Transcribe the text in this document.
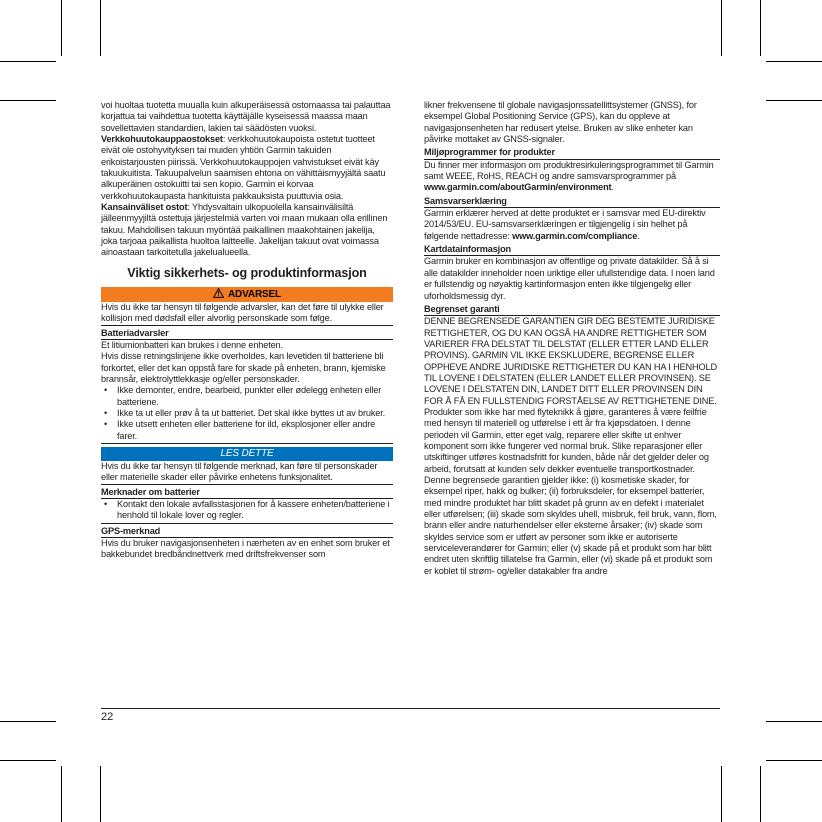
voi huoltaa tuotetta muualla kuin alkuperäisessä ostomaassa tai palauttaa korjattua tai vaihdettua tuotetta käyttäjälle kyseisessä maassa maan sovellettavien standardien, lakien tai säädösten vuoksi.

Verkkohuutokauppaostokset: verkkohuutokaupoista ostetut tuotteet eivät ole ostohyvityksen tai muiden yhtiön Garmin takuiden erikoistarjousten piirissä. Verkkohuutokauppojen vahvistukset eivät käy takuukuitista. Takuupalvelun saamisen ehtona on vähittäismyyjältä saatu alkuperäinen ostokuitti tai sen kopio. Garmin ei korvaa verkkohuutokaupasta hankituista pakkauksista puuttuvia osia.

Kansainväliset ostot: Yhdysvaltain ulkopuolella kansainvälisiltä jälleenmyyjiltä ostettuja järjestelmiä varten voi maan mukaan olla erillinen takuu. Mahdollisen takuun myöntää paikallinen maakohtainen jakelija, joka tarjoaa paikallista huoltoa laitteelle. Jakelijan takuut ovat voimassa ainoastaan tarkoitetulla jakelualueella.

Viktig sikkerhets- og produktinformasjon
ADVARSEL

Hvis du ikke tar hensyn til følgende advarsler, kan det føre til ulykke eller kollisjon med dødsfall eller alvorlig personskade som følge.

Batteriadvarsler

Et litiumionbatteri kan brukes i denne enheten.

Hvis disse retningslinjene ikke overholdes, kan levetiden til batteriene bli forkortet, eller det kan oppstå fare for skade på enheten, brann, kjemiske brannsår, elektrolyttlekkasje og/eller personskader.

• Ikke demonter, endre, bearbeid, punkter eller ødelegg enheten eller batteriene.
• Ikke ta ut eller prøv å ta ut batteriet. Det skal ikke byttes ut av bruker.
• Ikke utsett enheten eller batteriene for ild, eksplosjoner eller andre farer.
LES DETTE

Hvis du ikke tar hensyn til følgende merknad, kan føre til personskader eller materielle skader eller påvirke enhetens funksjonalitet.

Merknader om batterier
• Kontakt den lokale avfallsstasjonen for å kassere enheten/batteriene i henhold til lokale lover og regler.
GPS-merknad

Hvis du bruker navigasjonsenheten i nærheten av en enhet som bruker et bakkebundet bredbåndnettverk med driftsfrekvenser som

likner frekvensene til globale navigasjonssatellittsystemer (GNSS), for eksempel Global Positioning Service (GPS), kan du oppleve at navigasjonsenheten har redusert ytelse. Bruken av slike enheter kan påvirke mottaket av GNSS-signaler.

Miljøprogrammer for produkter

Du finner mer informasjon om produktresirkuleringsprogrammet til Garmin samt WEEE, RoHS, REACH og andre samsvarsprogrammer på www.garmin.com/aboutGarmin/environment.

Samsvarserklæring

Garmin erklærer herved at dette produktet er i samsvar med EU-direktiv 2014/53/EU. EU-samsvarserklæringen er tilgjengelig i sin helhet på følgende nettadresse: www.garmin.com/compliance.

Kartdatainformasjon

Garmin bruker en kombinasjon av offentlige og private datakilder. Så å si alle datakilder inneholder noen uriktige eller ufullstendige data. I noen land er fullstendig og nøyaktig kartinformasjon enten ikke tilgjengelig eller uforholdsmessig dyr.

Begrenset garanti

DENNE BEGRENSEDE GARANTIEN GIR DEG BESTEMTE JURIDISKE RETTIGHETER, OG DU KAN OGSÅ HA ANDRE RETTIGHETER SOM VARIERER FRA DELSTAT TIL DELSTAT (ELLER ETTER LAND ELLER PROVINS). GARMIN VIL IKKE EKSKLUDERE, BEGRENSE ELLER OPPHEVE ANDRE JURIDISKE RETTIGHETER DU KAN HA I HENHOLD TIL LOVENE I DELSTATEN (ELLER LANDET ELLER PROVINSEN). SE LOVENE I DELSTATEN DIN, LANDET DITT ELLER PROVINSEN DIN FOR Å FÅ EN FULLSTENDIG FORSTÅELSE AV RETTIGHETENE DINE.

Produkter som ikke har med flyteknikk å gjøre, garanteres å være feilfrie med hensyn til materiell og utførelse i ett år fra kjøpsdatoen. I denne perioden vil Garmin, etter eget valg, reparere eller skifte ut enhver komponent som ikke fungerer ved normal bruk. Slike reparasjoner eller utskiftinger utføres kostnadsfritt for kunden, både når det gjelder deler og arbeid, forutsatt at kunden selv dekker eventuelle transportkostnader. Denne begrensede garantien gjelder ikke: (i) kosmetiske skader, for eksempel riper, hakk og bulker; (ii) forbruksdeler, for eksempel batterier, med mindre produktet har blitt skadet på grunn av en defekt i materialet eller utførelsen; (iii) skade som skyldes uhell, misbruk, feil bruk, vann, flom, brann eller andre naturhendelser eller eksterne årsaker; (iv) skade som skyldes service som er utført av personer som ikke er autoriserte serviceleverandører for Garmin; eller (v) skade på et produkt som har blitt endret uten skriftlig tillatelse fra Garmin, eller (vi) skade på et produkt som er koblet til strøm- og/eller datakabler fra andre

22
